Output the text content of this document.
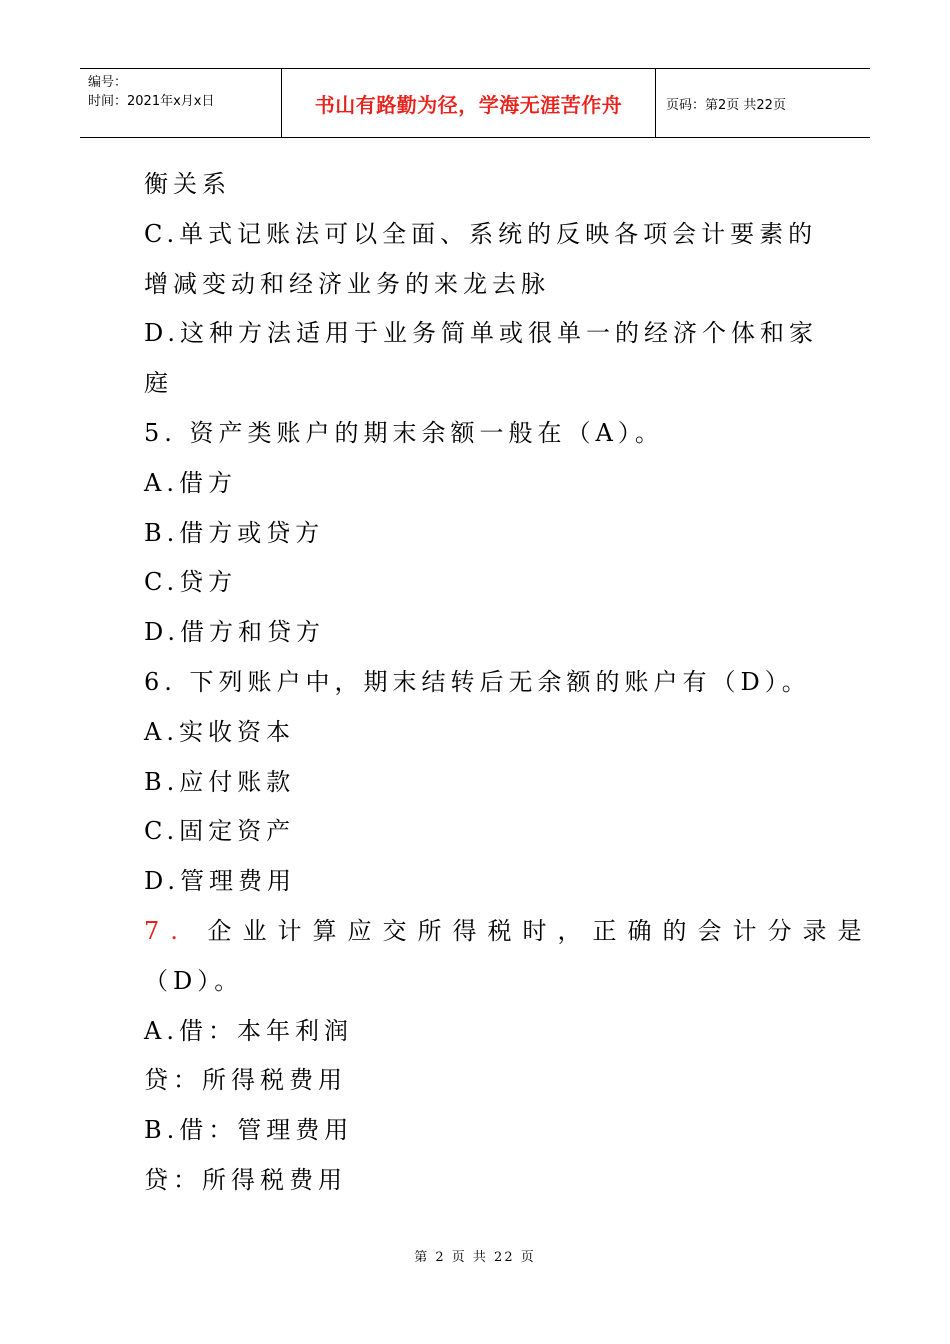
编号：
时间：2021年x月x日	书山有路勤为径，学海无涯苦作舟	页码：第2页 共22页
衡关系
C.单式记账法可以全面、系统的反映各项会计要素的
增减变动和经济业务的来龙去脉
D.这种方法适用于业务简单或很单一的经济个体和家
庭
5. 资产类账户的期末余额一般在（A）。
A.借方
B.借方或贷方
C.贷方
D.借方和贷方
6. 下列账户中，期末结转后无余额的账户有（D）。
A.实收资本
B.应付账款
C.固定资产
D.管理费用
7. 企业计算应交所得税时，正确的会计分录是
（D）。
A.借：本年利润
贷：所得税费用
B.借：管理费用
贷：所得税费用
第 2 页 共 22 页
